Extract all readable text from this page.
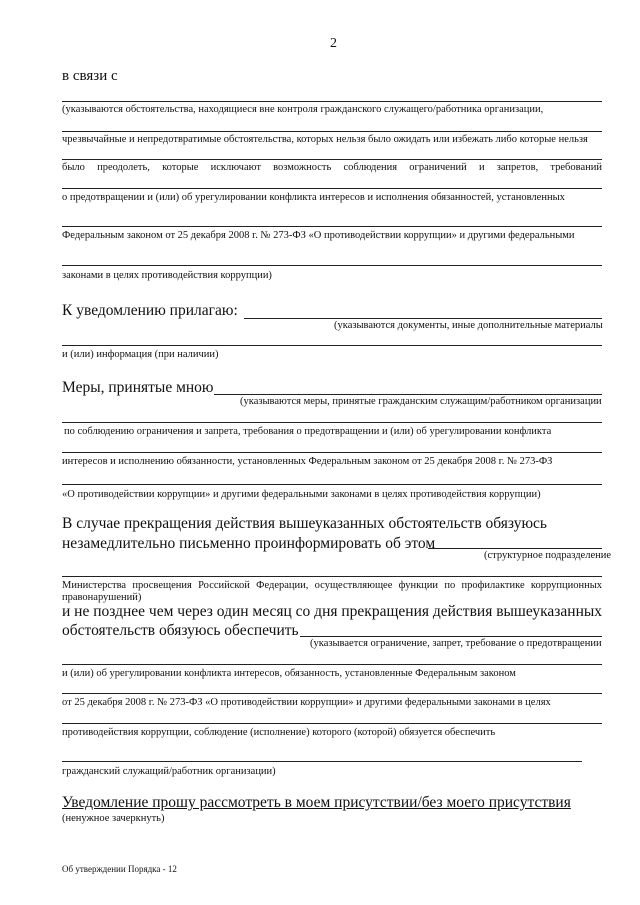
2
в связи с
(указываются обстоятельства, находящиеся вне контроля гражданского служащего/работника организации,
чрезвычайные и непредотвратимые обстоятельства, которых нельзя было ожидать или избежать либо которые нельзя
было преодолеть, которые исключают возможность соблюдения ограничений и запретов, требований
о предотвращении и (или) об урегулировании конфликта интересов и исполнения обязанностей, установленных
Федеральным законом от 25 декабря 2008 г. № 273-ФЗ «О противодействии коррупции» и другими федеральными
законами в целях противодействия коррупции)
К уведомлению прилагаю:
(указываются документы, иные дополнительные материалы
и (или) информация (при наличии)
Меры, принятые мною
(указываются меры, принятые гражданским служащим/работником организации
по соблюдению ограничения и запрета, требования о предотвращении и (или) об урегулировании конфликта
интересов и исполнению обязанности, установленных Федеральным законом от 25 декабря 2008 г. № 273-ФЗ
«О противодействии коррупции» и другими федеральными законами в целях противодействия коррупции)
В случае прекращения действия вышеуказанных обстоятельств обязуюсь
незамедлительно письменно проинформировать об этом
(структурное подразделение
Министерства просвещения Российской Федерации, осуществляющее функции по профилактике коррупционных
правонарушений)
и не позднее чем через один месяц со дня прекращения действия вышеуказанных
обстоятельств обязуюсь обеспечить
(указывается ограничение, запрет, требование о предотвращении
и (или) об урегулировании конфликта интересов, обязанность, установленные Федеральным законом
от 25 декабря 2008 г. № 273-ФЗ «О противодействии коррупции» и другими федеральными законами в целях
противодействия коррупции, соблюдение (исполнение) которого (которой) обязуется обеспечить
гражданский служащий/работник организации)
Уведомление прошу рассмотреть в моем присутствии/без моего присутствия
(ненужное зачеркнуть)
Об утверждении Порядка - 12
